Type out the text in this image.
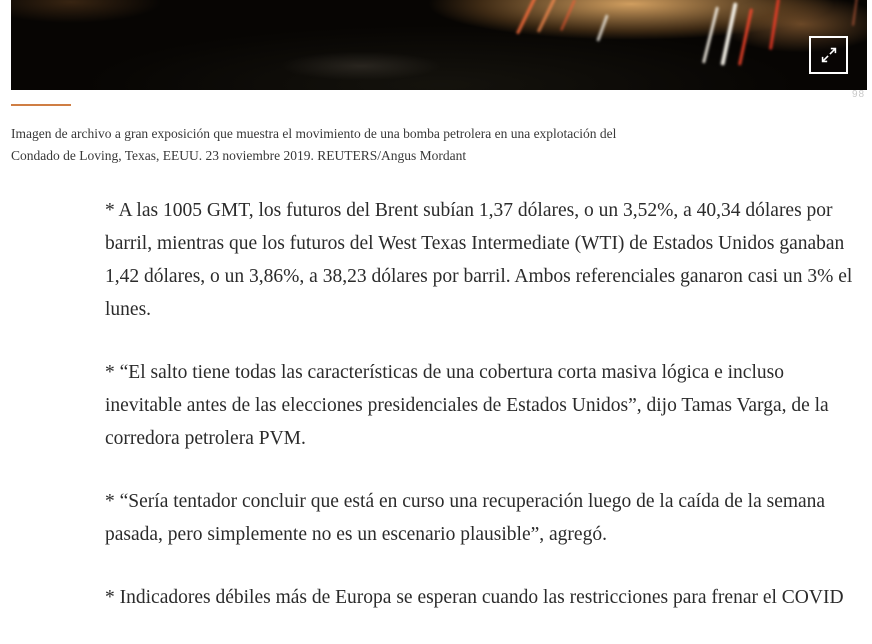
98
Imagen de archivo a gran exposición que muestra el movimiento de una bomba petrolera en una explotación del
Condado de Loving, Texas, EEUU. 23 noviembre 2019. REUTERS/Angus Mordant

* A las 1005 GMT, los futuros del Brent subían 1,37 dólares, o un 3,52%, a 40,34 dólares por barril, mientras que los futuros del West Texas Intermediate (WTI) de Estados Unidos ganaban 1,42 dólares, o un 3,86%, a 38,23 dólares por barril. Ambos referenciales ganaron casi un 3% el lunes.

* “El salto tiene todas las características de una cobertura corta masiva lógica e incluso inevitable antes de las elecciones presidenciales de Estados Unidos”, dijo Tamas Varga, de la corredora petrolera PVM.

* “Sería tentador concluir que está en curso una recuperación luego de la caída de la semana pasada, pero simplemente no es un escenario plausible”, agregó.

* Indicadores débiles más de Europa se esperan cuando las restricciones para frenar el COVID
